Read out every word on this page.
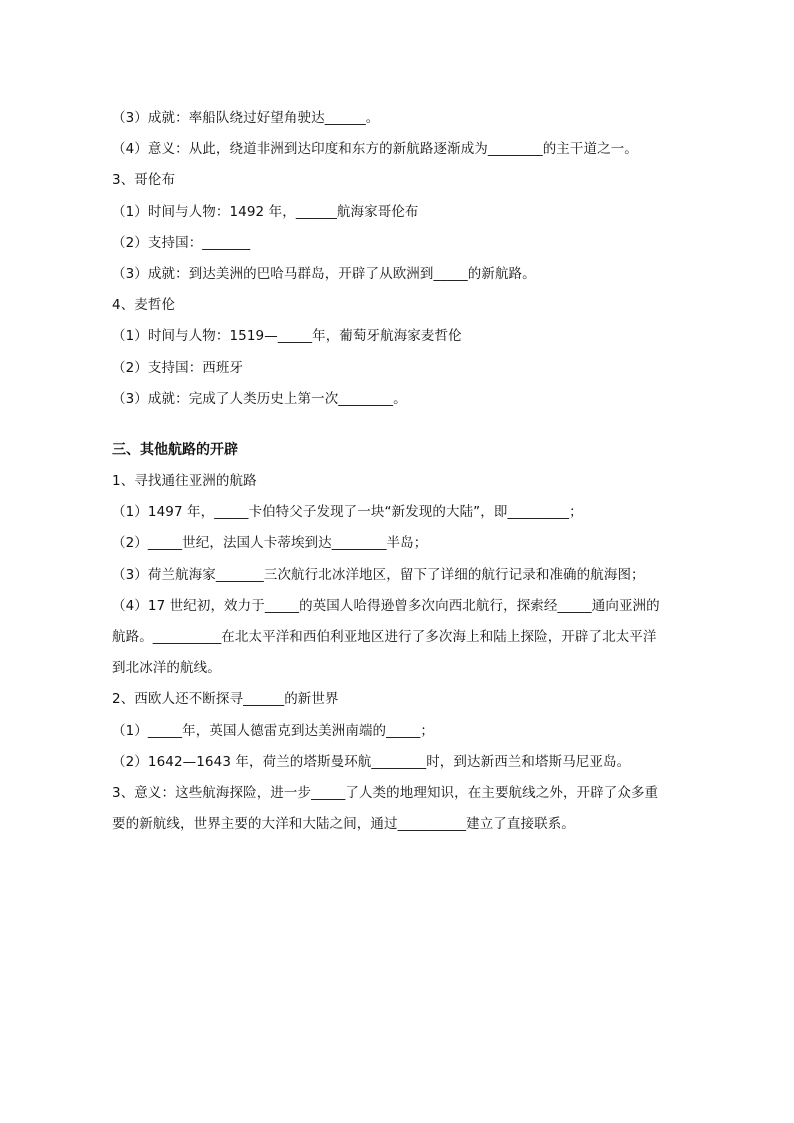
（3）成就：率船队绕过好望角驶达______。
（4）意义：从此，绕道非洲到达印度和东方的新航路逐渐成为________的主干道之一。
3、哥伦布
（1）时间与人物：1492 年，______航海家哥伦布
（2）支持国：_______
（3）成就：到达美洲的巴哈马群岛，开辟了从欧洲到_____的新航路。
4、麦哲伦
（1）时间与人物：1519—_____年，葡萄牙航海家麦哲伦
（2）支持国：西班牙
（3）成就：完成了人类历史上第一次________。
三、其他航路的开辟
1、寻找通往亚洲的航路
（1）1497 年，_____卡伯特父子发现了一块“新发现的大陆”，即_________；
（2）_____世纪，法国人卡蒂埃到达________半岛；
（3）荷兰航海家_______三次航行北冰洋地区，留下了详细的航行记录和准确的航海图；
（4）17 世纪初，效力于_____的英国人哈得逊曾多次向西北航行，探索经_____通向亚洲的
航路。__________在北太平洋和西伯利亚地区进行了多次海上和陆上探险，开辟了北太平洋
到北冰洋的航线。
2、西欧人还不断探寻______的新世界
（1）_____年，英国人德雷克到达美洲南端的_____；
（2）1642—1643 年，荷兰的塔斯曼环航________时，到达新西兰和塔斯马尼亚岛。
3、意义：这些航海探险，进一步_____了人类的地理知识，在主要航线之外，开辟了众多重
要的新航线，世界主要的大洋和大陆之间，通过__________建立了直接联系。
